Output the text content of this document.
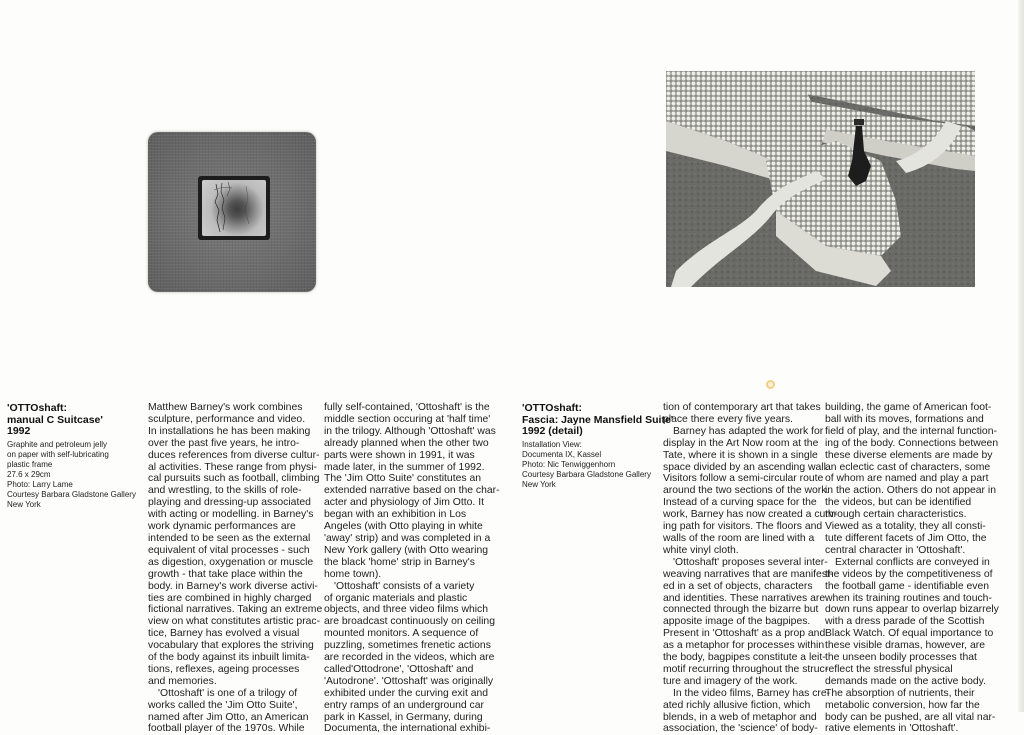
'OTTOshaft:
manual C Suitcase'
1992
Graphite and petroleum jelly
on paper with self-lubricating
plastic frame
27.6 x 29cm
Photo: Larry Lame
Courtesy Barbara Gladstone Gallery
New York
'OTTOshaft:
Fascia: Jayne Mansfield Suite'
1992 (detail)
Installation View:
Documenta IX, Kassel
Photo: Nic Tenwiggenhorn
Courtesy Barbara Gladstone Gallery
New York
Matthew Barney's work combines
sculpture, performance and video.
In installations he has been making
over the past five years, he intro-
duces references from diverse cultur-
al activities. These range from physi-
cal pursuits such as football, climbing
and wrestling, to the skills of role-
playing and dressing-up associated
with acting or modelling. in Barney's
work dynamic performances are
intended to be seen as the external
equivalent of vital processes - such
as digestion, oxygenation or muscle
growth - that take place within the
body. in Barney's work diverse activi-
ties are combined in highly charged
fictional narratives. Taking an extreme
view on what constitutes artistic prac-
tice, Barney has evolved a visual
vocabulary that explores the striving
of the body against its inbuilt limita-
tions, reflexes, ageing processes
and memories.
'Ottoshaft' is one of a trilogy of
works called the 'Jim Otto Suite',
named after Jim Otto, an American
football player of the 1970s. While
fully self-contained, 'Ottoshaft' is the
middle section occuring at 'half time'
in the trilogy. Although 'Ottoshaft' was
already planned when the other two
parts were shown in 1991, it was
made later, in the summer of 1992.
The 'Jim Otto Suite' constitutes an
extended narrative based on the char-
acter and physiology of Jim Otto. It
began with an exhibition in Los
Angeles (with Otto playing in white
'away' strip) and was completed in a
New York gallery (with Otto wearing
the black 'home' strip in Barney's
home town).
'Ottoshaft' consists of a variety
of organic materials and plastic
objects, and three video films which
are broadcast continuously on ceiling
mounted monitors. A sequence of
puzzling, sometimes frenetic actions
are recorded in the videos, which are
called'Ottodrone', 'Ottoshaft' and
'Autodrone'. 'Ottoshaft' was originally
exhibited under the curving exit and
entry ramps of an underground car
park in Kassel, in Germany, during
Documenta, the international exhibi-
tion of contemporary art that takes
place there every five years.
Barney has adapted the work for
display in the Art Now room at the
Tate, where it is shown in a single
space divided by an ascending wall.
Visitors follow a semi-circular route
around the two sections of the work.
Instead of a curving space for the
work, Barney has now created a curv-
ing path for visitors. The floors and
walls of the room are lined with a
white vinyl cloth.
'Ottoshaft' proposes several inter-
weaving narratives that are manifest-
ed in a set of objects, characters
and identities. These narratives are
connected through the bizarre but
apposite image of the bagpipes.
Present in 'Ottoshaft' as a prop and
as a metaphor for processes within
the body, bagpipes constitute a leit-
motif recurring throughout the struc-
ture and imagery of the work.
In the video films, Barney has cre-
ated richly allusive fiction, which
blends, in a web of metaphor and
association, the 'science' of body-
building, the game of American foot-
ball with its moves, formations and
field of play, and the internal function-
ing of the body. Connections between
these diverse elements are made by
an eclectic cast of characters, some
of whom are named and play a part
in the action. Others do not appear in
the videos, but can be identified
through certain characteristics.
Viewed as a totality, they all consti-
tute different facets of Jim Otto, the
central character in 'Ottoshaft'.
External conflicts are conveyed in
the videos by the competitiveness of
the football game - identifiable even
when its training routines and touch-
down runs appear to overlap bizarrely
with a dress parade of the Scottish
Black Watch. Of equal importance to
these visible dramas, however, are
the unseen bodily processes that
reflect the stressful physical
demands made on the active body.
The absorption of nutrients, their
metabolic conversion, how far the
body can be pushed, are all vital nar-
rative elements in 'Ottoshaft'.
